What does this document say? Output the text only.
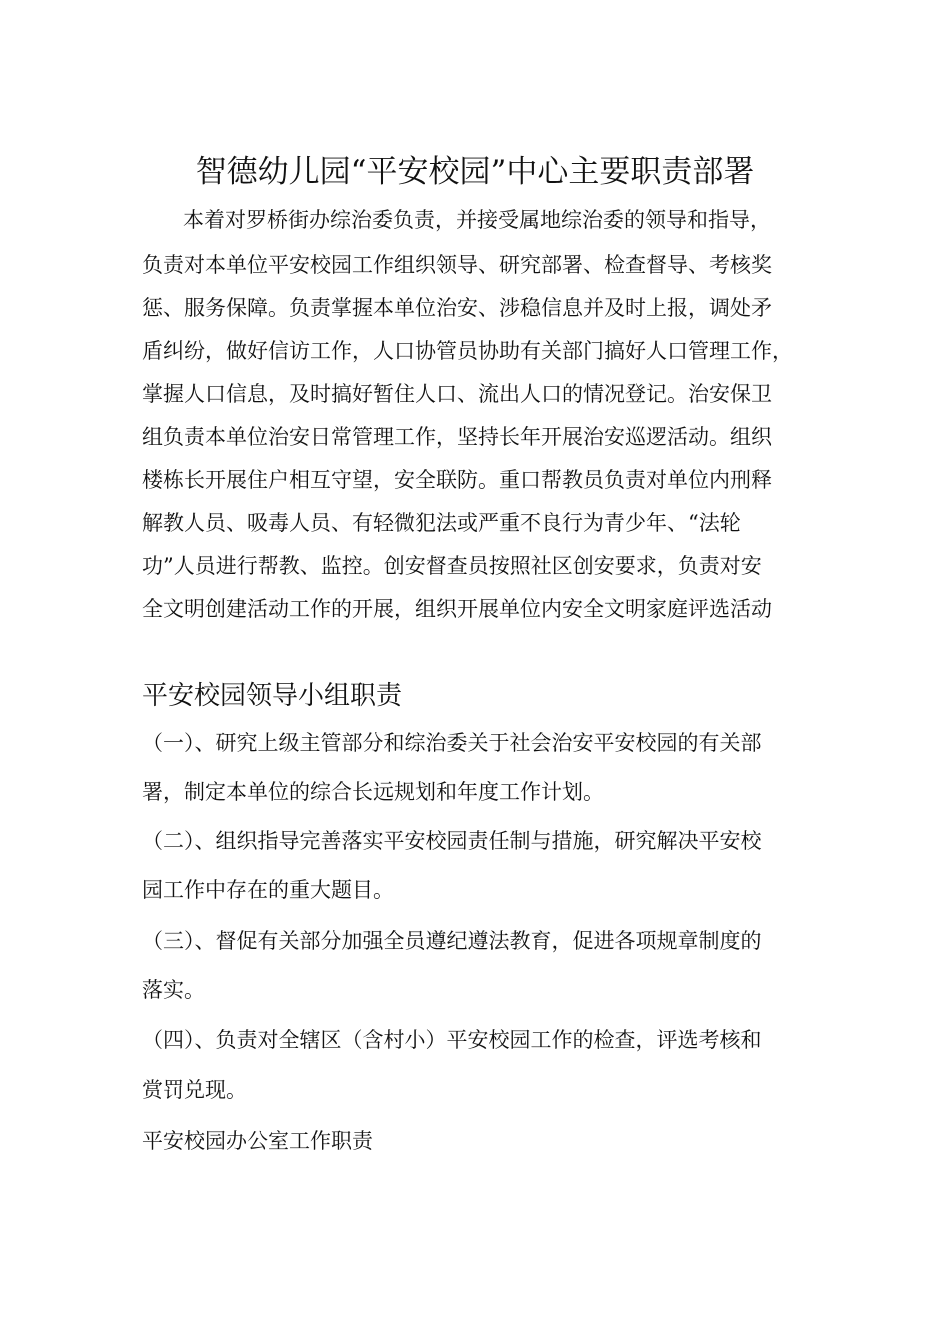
智德幼儿园“平安校园”中心主要职责部署
本着对罗桥街办综治委负责，并接受属地综治委的领导和指导，
负责对本单位平安校园工作组织领导、研究部署、检查督导、考核奖
惩、服务保障。负责掌握本单位治安、涉稳信息并及时上报，调处矛
盾纠纷，做好信访工作，人口协管员协助有关部门搞好人口管理工作，
掌握人口信息，及时搞好暂住人口、流出人口的情况登记。治安保卫
组负责本单位治安日常管理工作，坚持长年开展治安巡逻活动。组织
楼栋长开展住户相互守望，安全联防。重口帮教员负责对单位内刑释
解教人员、吸毒人员、有轻微犯法或严重不良行为青少年、“法轮
功”人员进行帮教、监控。创安督查员按照社区创安要求，负责对安
全文明创建活动工作的开展，组织开展单位内安全文明家庭评选活动
平安校园领导小组职责
（一）、研究上级主管部分和综治委关于社会治安平安校园的有关部
署，制定本单位的综合长远规划和年度工作计划。
（二）、组织指导完善落实平安校园责任制与措施，研究解决平安校
园工作中存在的重大题目。
（三）、督促有关部分加强全员遵纪遵法教育，促进各项规章制度的
落实。
（四）、负责对全辖区（含村小）平安校园工作的检查，评选考核和
赏罚兑现。
平安校园办公室工作职责
